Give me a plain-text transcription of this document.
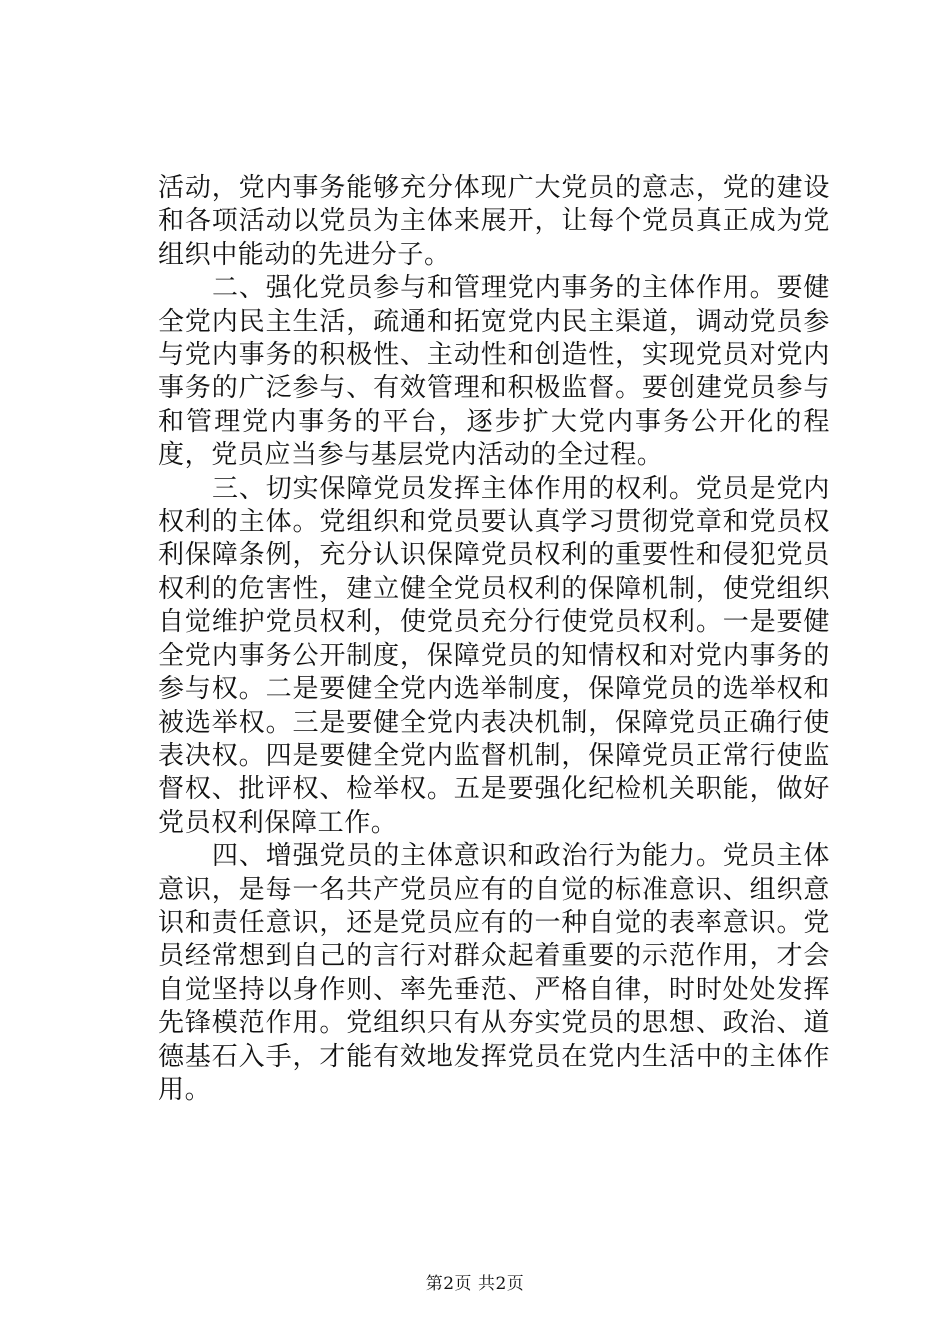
活动，党内事务能够充分体现广大党员的意志，党的建设和各项活动以党员为主体来展开，让每个党员真正成为党组织中能动的先进分子。

二、强化党员参与和管理党内事务的主体作用。要健全党内民主生活，疏通和拓宽党内民主渠道，调动党员参与党内事务的积极性、主动性和创造性，实现党员对党内事务的广泛参与、有效管理和积极监督。要创建党员参与和管理党内事务的平台，逐步扩大党内事务公开化的程度，党员应当参与基层党内活动的全过程。

三、切实保障党员发挥主体作用的权利。党员是党内权利的主体。党组织和党员要认真学习贯彻党章和党员权利保障条例，充分认识保障党员权利的重要性和侵犯党员权利的危害性，建立健全党员权利的保障机制，使党组织自觉维护党员权利，使党员充分行使党员权利。一是要健全党内事务公开制度，保障党员的知情权和对党内事务的参与权。二是要健全党内选举制度，保障党员的选举权和被选举权。三是要健全党内表决机制，保障党员正确行使表决权。四是要健全党内监督机制，保障党员正常行使监督权、批评权、检举权。五是要强化纪检机关职能，做好党员权利保障工作。

四、增强党员的主体意识和政治行为能力。党员主体意识，是每一名共产党员应有的自觉的标准意识、组织意识和责任意识，还是党员应有的一种自觉的表率意识。党员经常想到自己的言行对群众起着重要的示范作用，才会自觉坚持以身作则、率先垂范、严格自律，时时处处发挥先锋模范作用。党组织只有从夯实党员的思想、政治、道德基石入手，才能有效地发挥党员在党内生活中的主体作用。

第2页 共2页
